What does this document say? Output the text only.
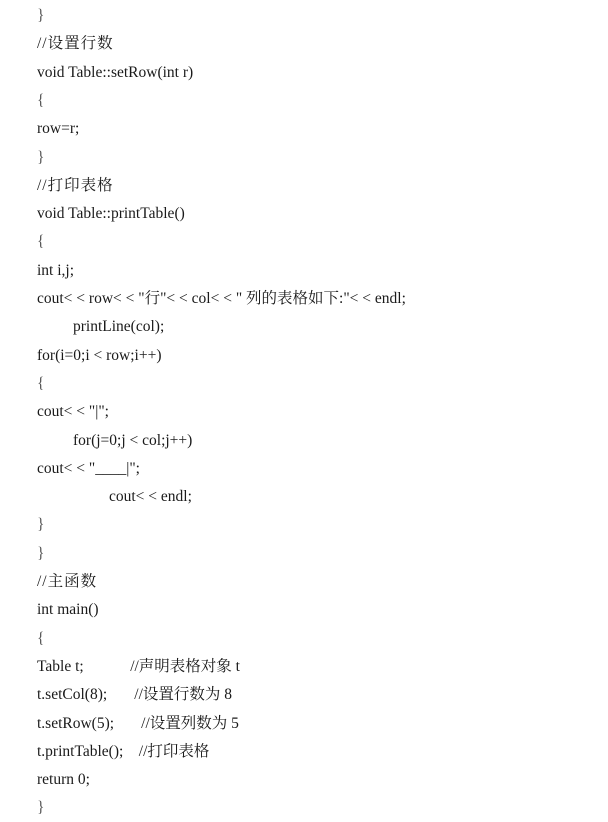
}
//设置行数
void Table::setRow(int r)
{
row=r;
}
//打印表格
void Table::printTable()
{
int i,j;
cout< < row< < "行"< < col< < " 列的表格如下:"< < endl;
printLine(col);
for(i=0;i < row;i++)
{
cout< < "|";
for(j=0;j < col;j++)
cout< < "____|";
cout< < endl;
}
}
//主函数
int main()
{
Table t;            //声明表格对象 t
t.setCol(8);       //设置行数为 8
t.setRow(5);       //设置列数为 5
t.printTable();    //打印表格
return 0;
}
